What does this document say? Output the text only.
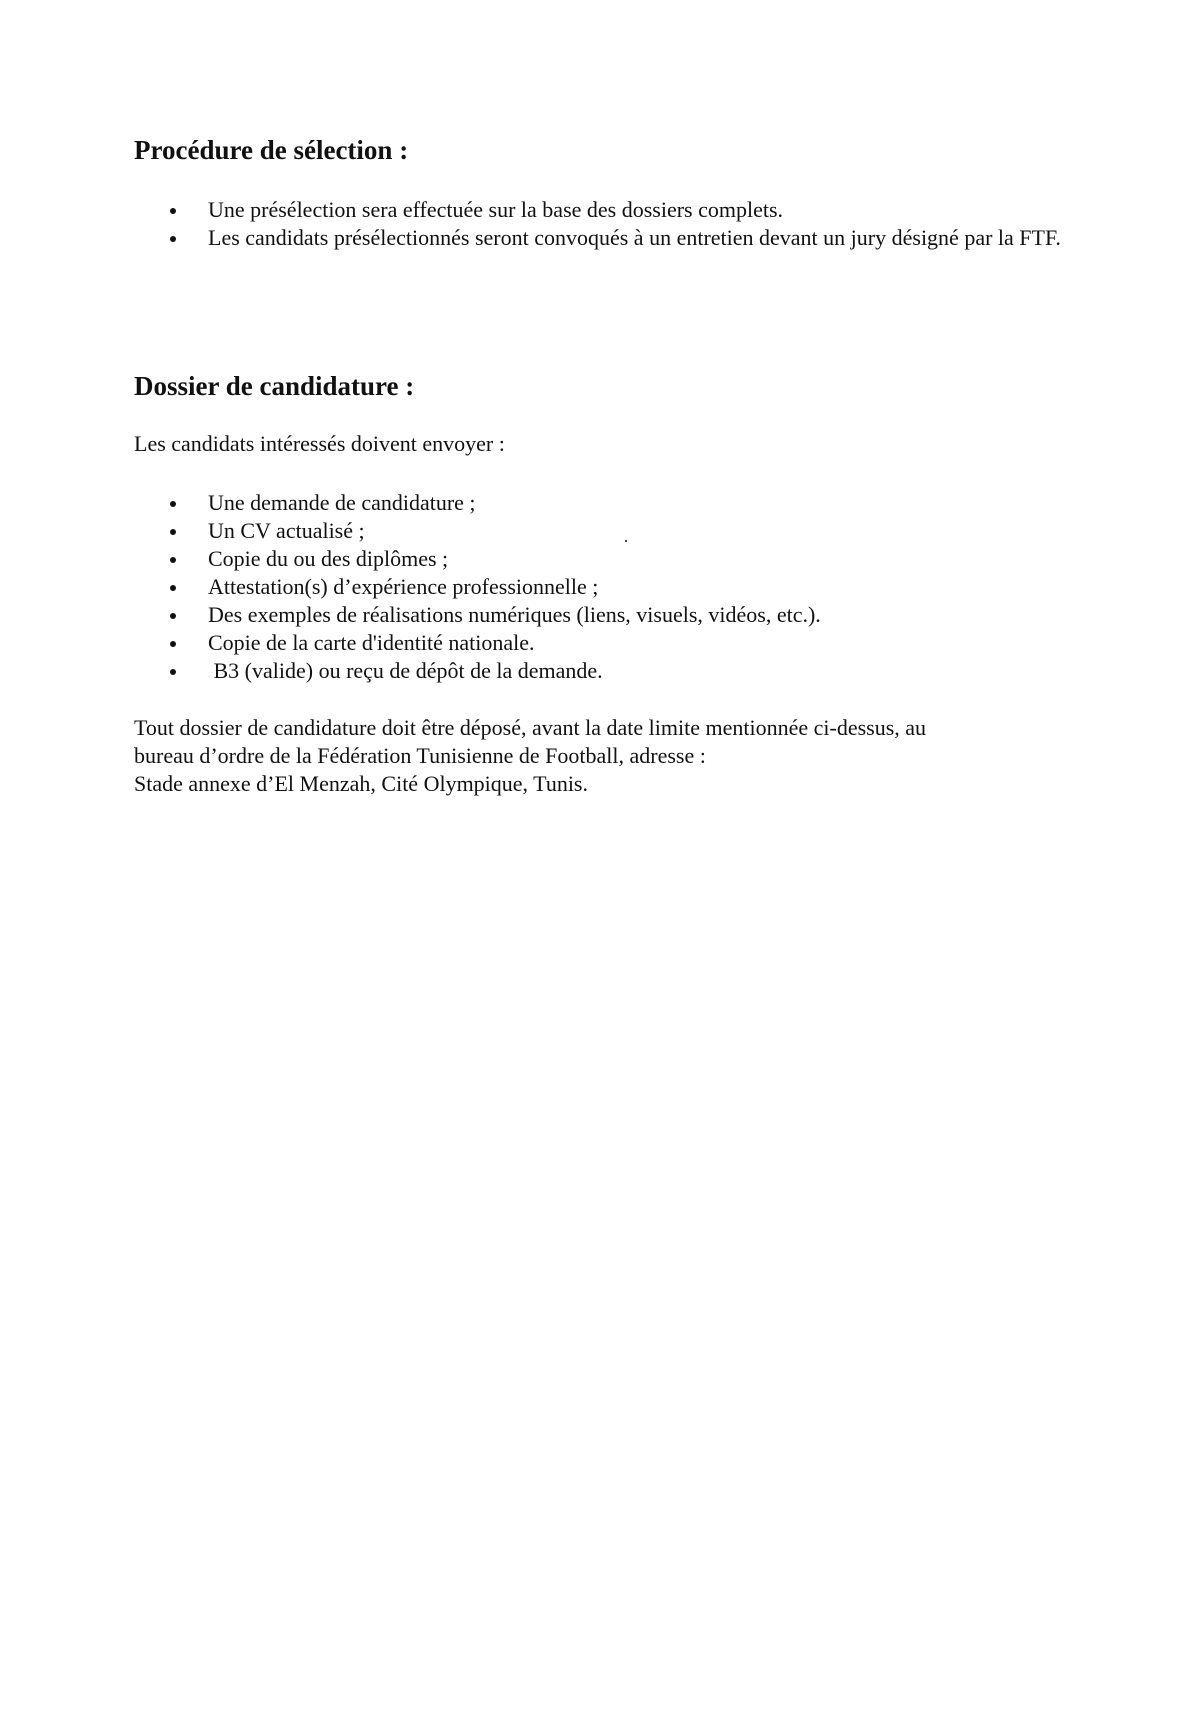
Procédure de sélection :
Une présélection sera effectuée sur la base des dossiers complets.
Les candidats présélectionnés seront convoqués à un entretien devant un jury désigné par la FTF.
Dossier de candidature :

Les candidats intéressés doivent envoyer :

Une demande de candidature ;
Un CV actualisé ;
Copie du ou des diplômes ;
Attestation(s) d’expérience professionnelle ;
Des exemples de réalisations numériques (liens, visuels, vidéos, etc.).
Copie de la carte d'identité nationale.
B3 (valide) ou reçu de dépôt de la demande.

Tout dossier de candidature doit être déposé, avant la date limite mentionnée ci-dessus, au

bureau d’ordre de la Fédération Tunisienne de Football, adresse :

Stade annexe d’El Menzah, Cité Olympique, Tunis.
